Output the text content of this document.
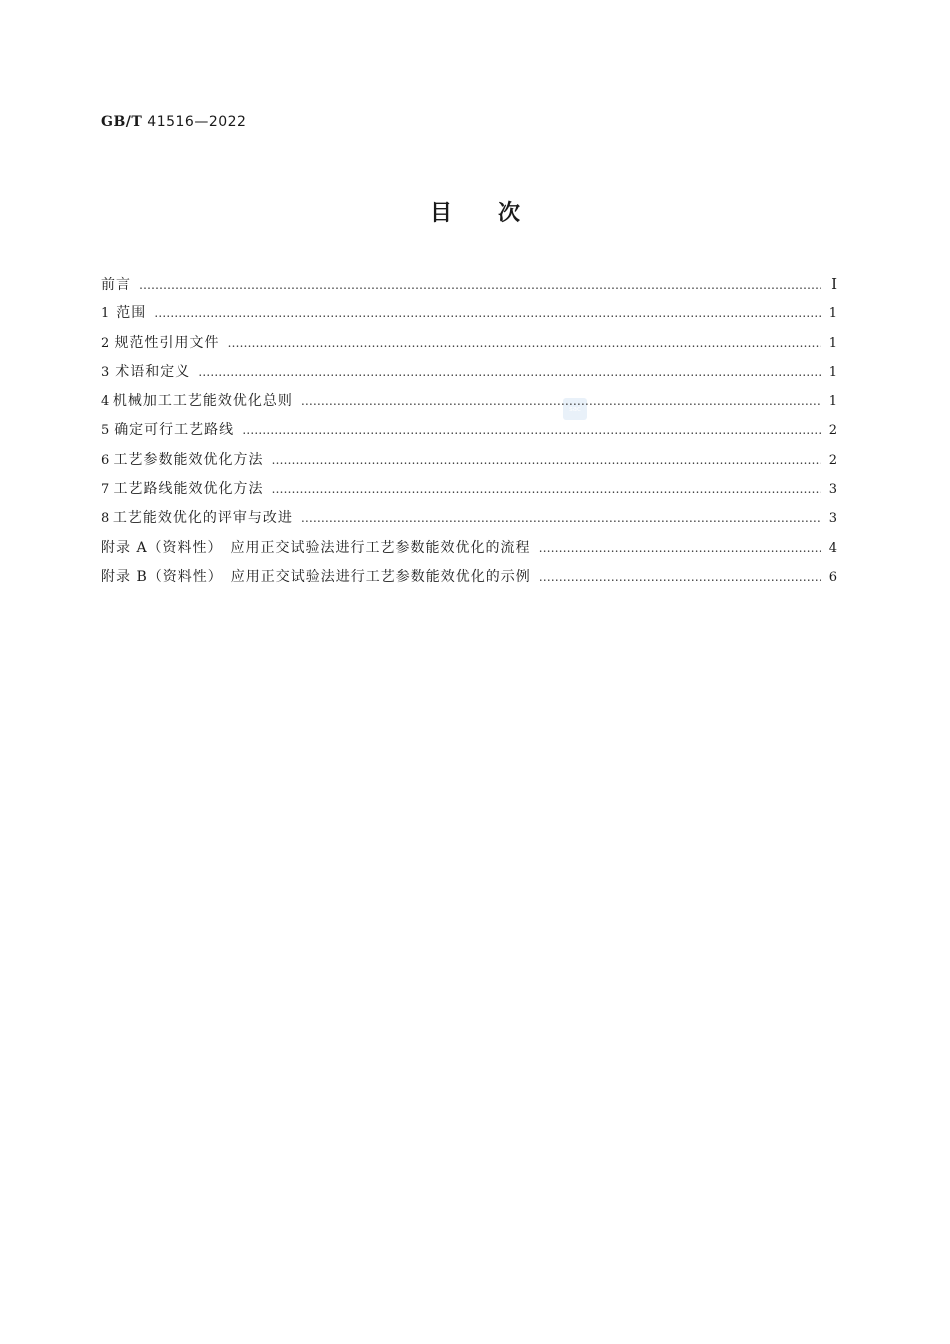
GB/T 41516—2022
目次
sac
前言 ……………………………………………………………………………………………………………………………………………………………………………………………………………………………………………………………	Ⅰ
1 范围 ……………………………………………………………………………………………………………………………………………………………………………………………………………………………………………………………	1
2 规范性引用文件 ……………………………………………………………………………………………………………………………………………………………………………………………………………………………………………………………	1
3 术语和定义 ……………………………………………………………………………………………………………………………………………………………………………………………………………………………………………………………	1
4 机械加工工艺能效优化总则 ……………………………………………………………………………………………………………………………………………………………………………………………………………………………………………………………	1
5 确定可行工艺路线 ……………………………………………………………………………………………………………………………………………………………………………………………………………………………………………………………	2
6 工艺参数能效优化方法 ……………………………………………………………………………………………………………………………………………………………………………………………………………………………………………………………	2
7 工艺路线能效优化方法 ……………………………………………………………………………………………………………………………………………………………………………………………………………………………………………………………	3
8 工艺能效优化的评审与改进 ……………………………………………………………………………………………………………………………………………………………………………………………………………………………………………………………	3
附录 A（资料性）　应用正交试验法进行工艺参数能效优化的流程 ……………………………………………………………………………………………………………………………………………………………………………………………………………………………………………………………	4
附录 B（资料性）　应用正交试验法进行工艺参数能效优化的示例 ……………………………………………………………………………………………………………………………………………………………………………………………………………………………………………………………	6
